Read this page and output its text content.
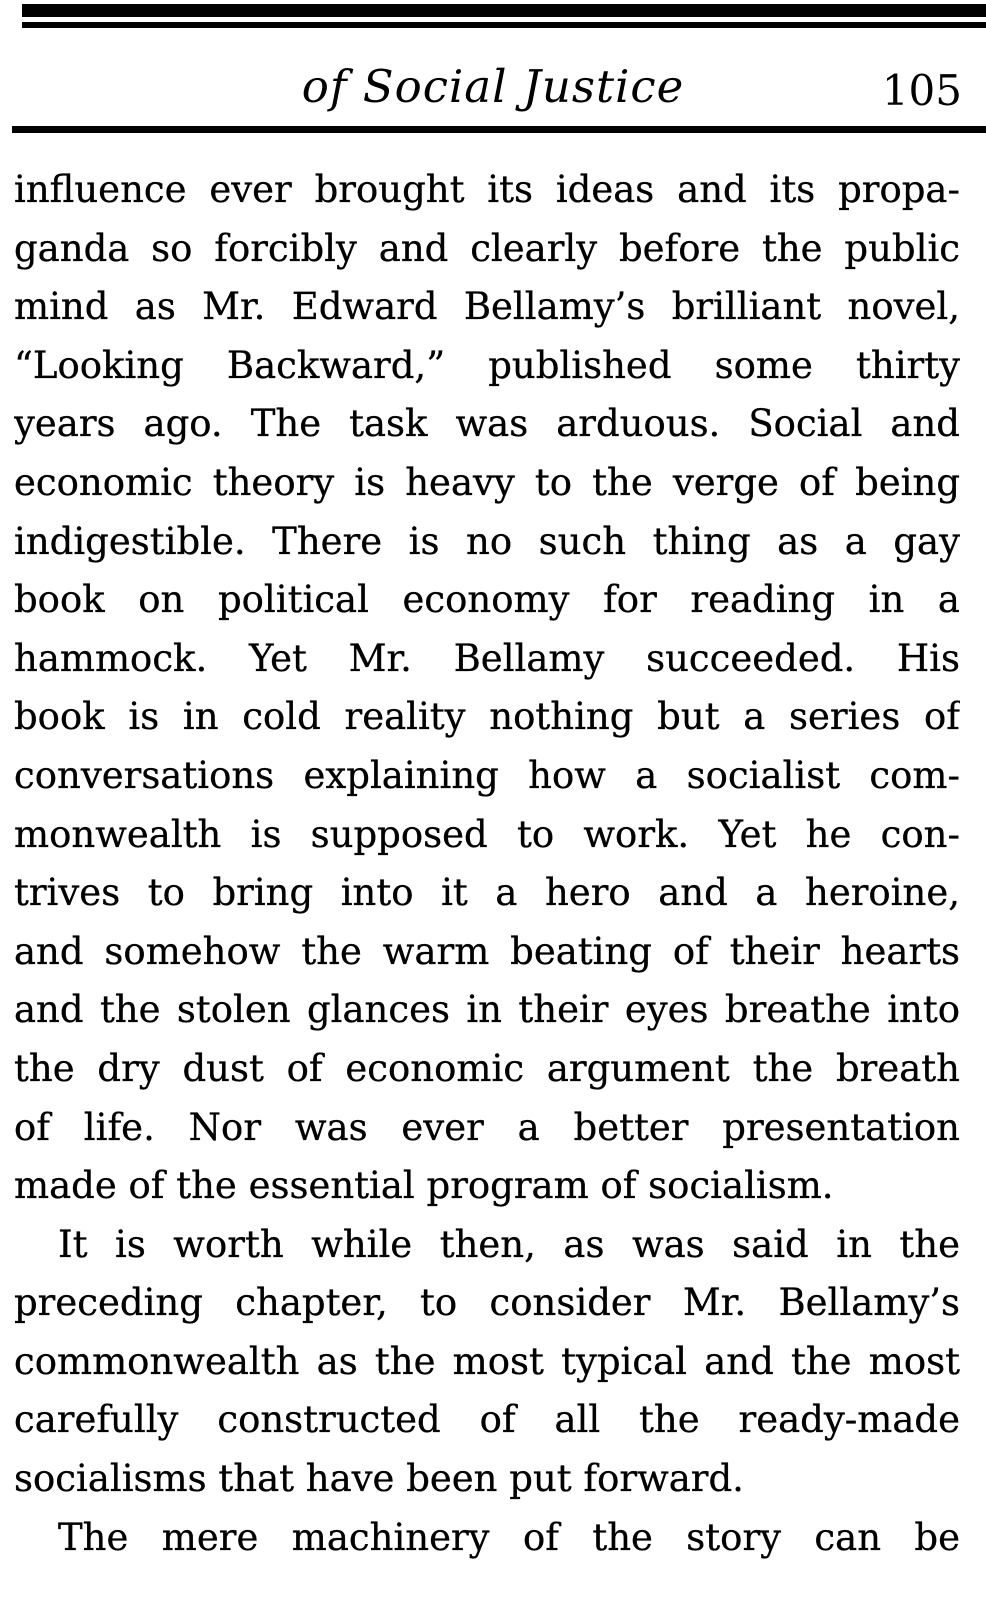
of Social Justice	105
influence ever brought its ideas and its propa-
ganda so forcibly and clearly before the public
mind as Mr. Edward Bellamy’s brilliant novel,
“Looking Backward,” published some thirty
years ago. The task was arduous. Social and
economic theory is heavy to the verge of being
indigestible. There is no such thing as a gay
book on political economy for reading in a
hammock. Yet Mr. Bellamy succeeded. His
book is in cold reality nothing but a series of
conversations explaining how a socialist com-
monwealth is supposed to work. Yet he con-
trives to bring into it a hero and a heroine,
and somehow the warm beating of their hearts
and the stolen glances in their eyes breathe into
the dry dust of economic argument the breath
of life. Nor was ever a better presentation
made of the essential program of socialism.
It is worth while then, as was said in the
preceding chapter, to consider Mr. Bellamy’s
commonwealth as the most typical and the most
carefully constructed of all the ready-made
socialisms that have been put forward.
The mere machinery of the story can be
